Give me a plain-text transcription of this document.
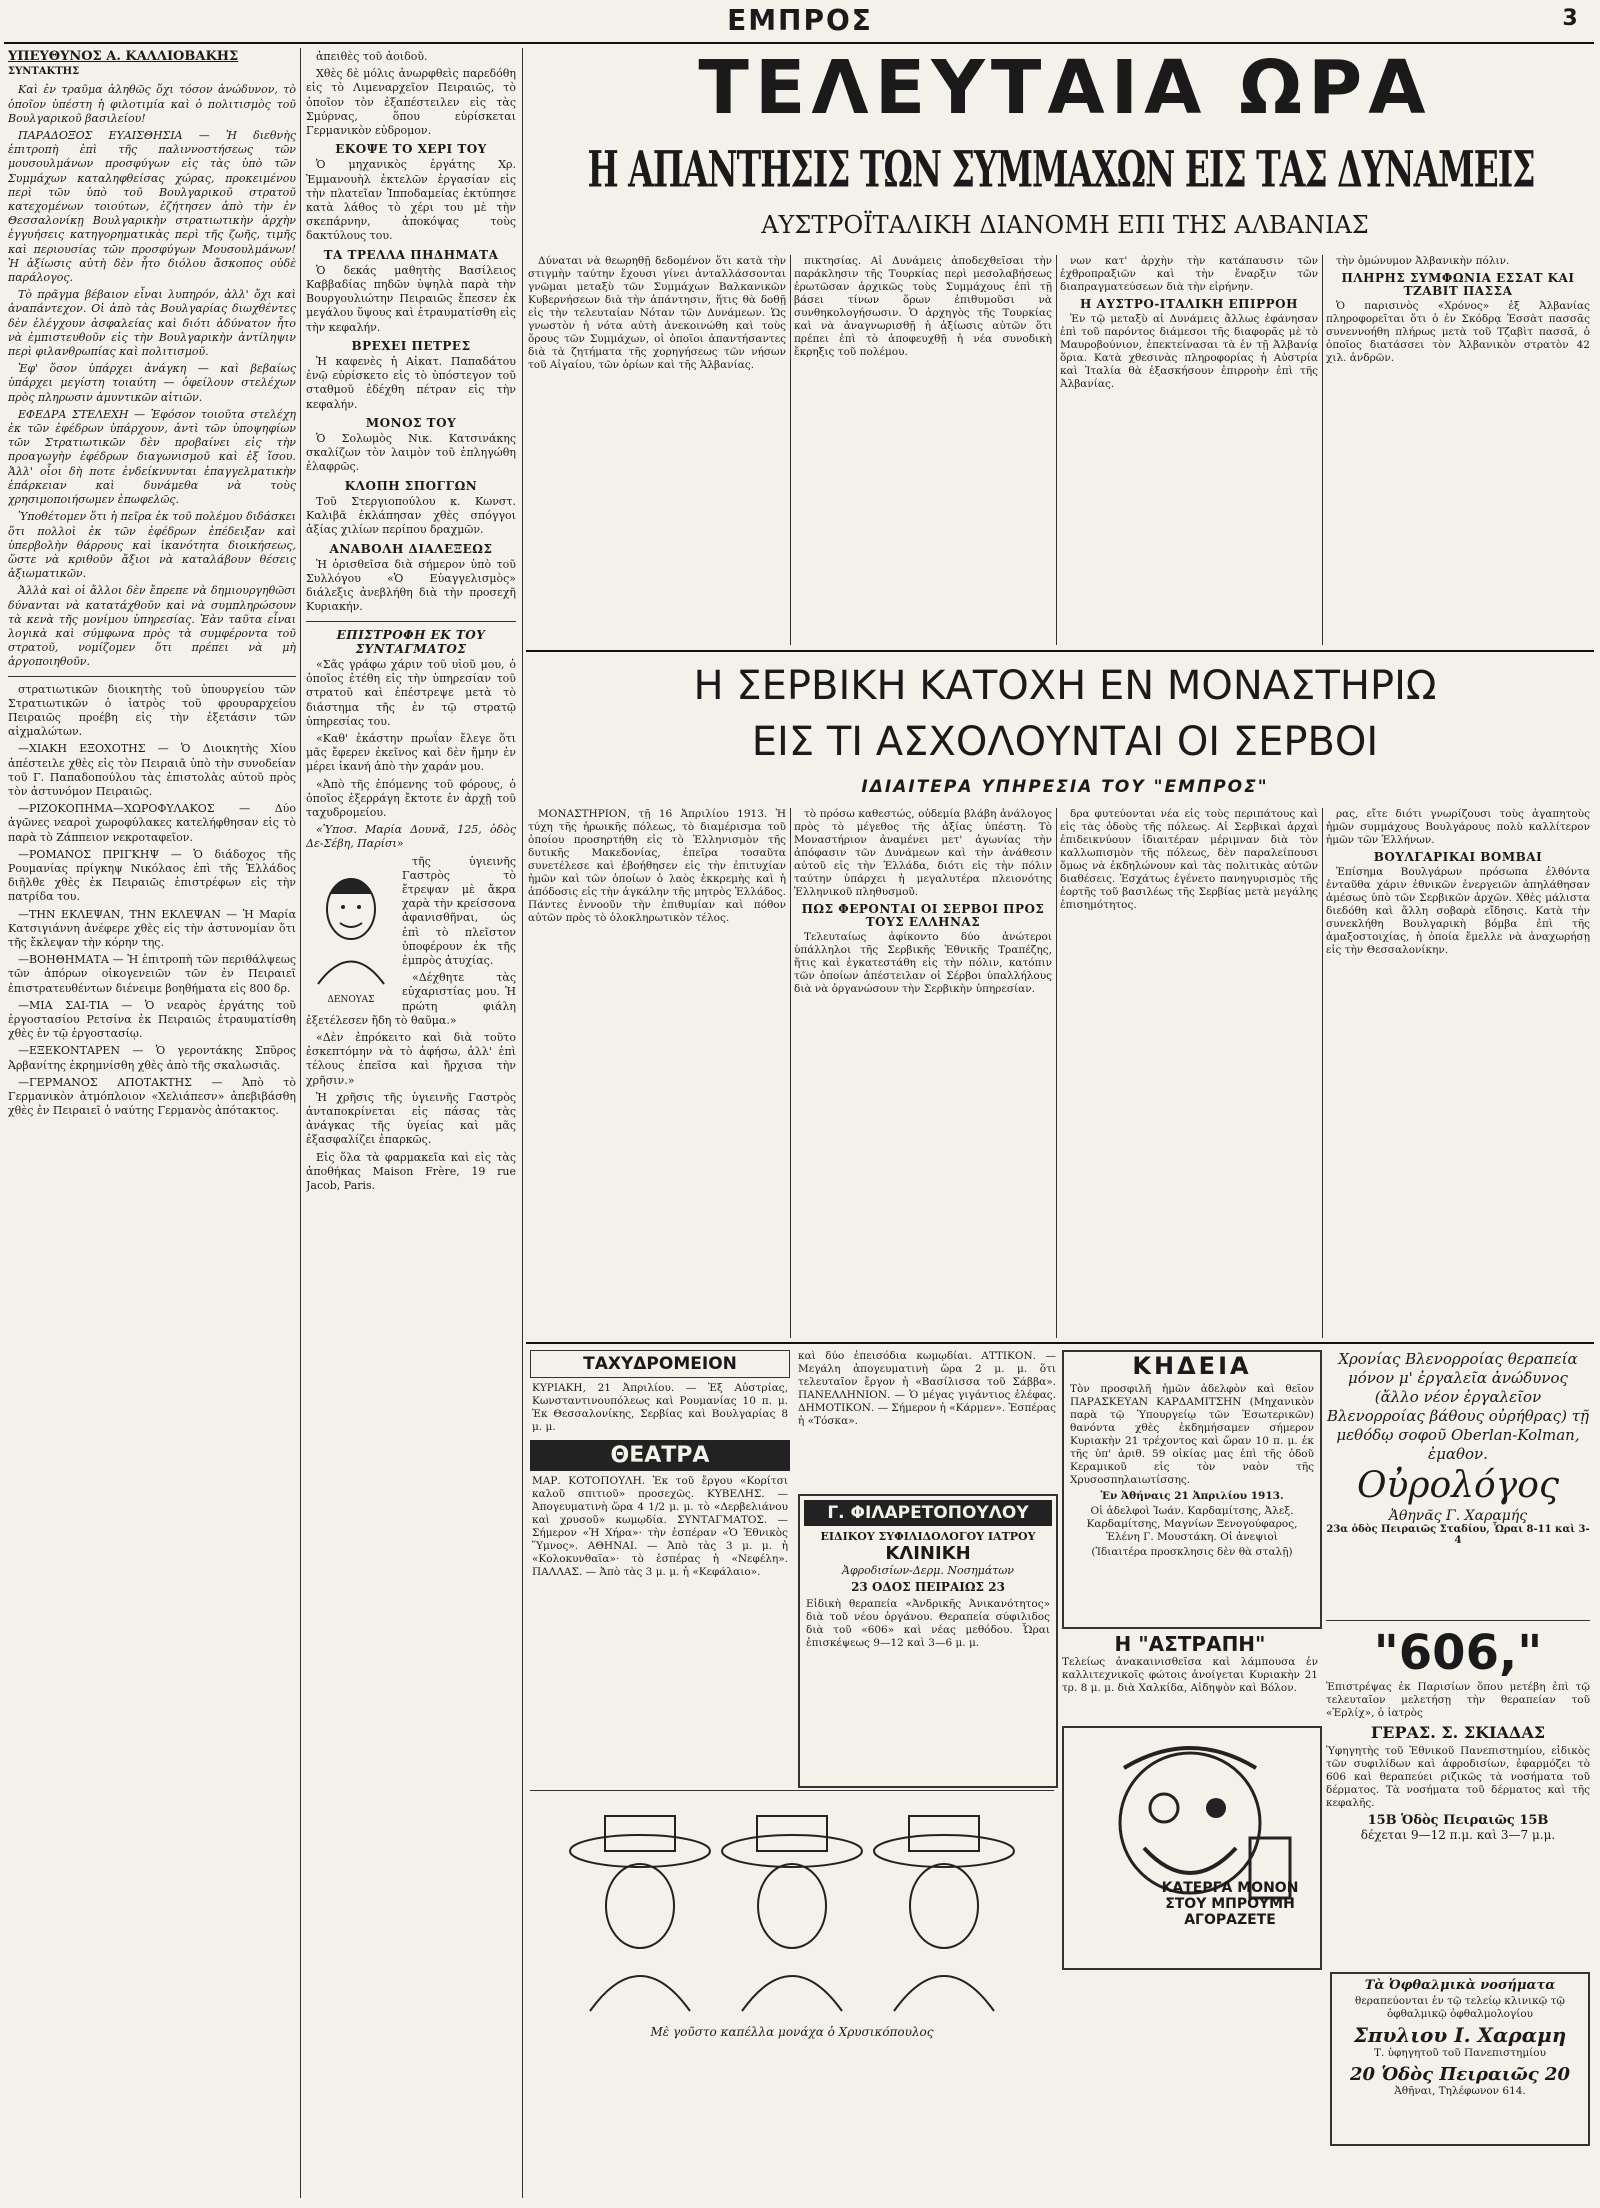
ΕΜΠΡΟΣ	3
ΥΠΕΥΘΥΝΟΣ Α. ΚΑΛΛΙΟΒΑΚΗΣ
ΣΥΝΤΑΚΤΗΣ

Καὶ ἐν τραῦμα ἀληθῶς ὅχι τόσον ἀνώδυνον, τὸ ὁποῖον ὑπέστη ἡ φιλοτιμία καὶ ὁ πολιτισμὸς τοῦ Βουλγαρικοῦ βασιλείου!

ΠΑΡΑΔΟΞΟΣ ΕΥΑΙΣΘΗΣΙΑ — Ἡ διεθνὴς ἐπιτροπὴ ἐπὶ τῆς παλιννοστήσεως τῶν μουσουλμάνων προσφύγων εἰς τὰς ὑπὸ τῶν Συμμάχων καταληφθείσας χώρας, προκειμένου περὶ τῶν ὑπὸ τοῦ Βουλγαρικοῦ στρατοῦ κατεχομένων τοιούτων, ἐζήτησεν ἀπὸ τὴν ἐν Θεσσαλονίκῃ Βουλγαρικὴν στρατιωτικὴν ἀρχὴν ἐγγυήσεις κατηγορηματικὰς περὶ τῆς ζωῆς, τιμῆς καὶ περιουσίας τῶν προσφύγων Μουσουλμάνων! Ἡ ἀξίωσις αὐτὴ δὲν ἦτο διόλου ἄσκοπος οὐδὲ παράλογος.

Τὸ πρᾶγμα βέβαιον εἶναι λυπηρόν, ἀλλ' ὄχι καὶ ἀναπάντεχον. Οἱ ἀπὸ τὰς Βουλγαρίας διωχθέντες δὲν ἐλέγχουν ἀσφαλείας καὶ διότι ἀδύνατον ἦτο νὰ ἐμπιστευθοῦν εἰς τὴν Βουλγαρικὴν ἀντίληψιν περὶ φιλανθρωπίας καὶ πολιτισμοῦ.

Ἐφ' ὅσον ὑπάρχει ἀνάγκη — καὶ βεβαίως ὑπάρχει μεγίστη τοιαύτη — ὀφείλουν στελέχων πρὸς πληρωσιν ἀμυντικῶν αἰτιῶν.

ΕΦΕΔΡΑ ΣΤΕΛΕΧΗ — Ἐφόσον τοιοῦτα στελέχη ἐκ τῶν ἐφέδρων ὑπάρχουν, ἀντὶ τῶν ὑποψηφίων τῶν Στρατιωτικῶν δὲν προβαίνει εἰς τὴν προαγωγὴν ἐφέδρων διαγωνισμοῦ καὶ ἐξ ἴσου. Ἀλλ' οἷοι δὴ ποτε ἐνδείκνυνται ἐπαγγελματικὴν ἐπάρκειαν καὶ δυνάμεθα νὰ τοὺς χρησιμοποιήσωμεν ἐπωφελῶς.

Ὑποθέτομεν ὅτι ἡ πεῖρα ἐκ τοῦ πολέμου διδάσκει ὅτι πολλοὶ ἐκ τῶν ἐφέδρων ἐπέδειξαν καὶ ὑπερβολὴν θάρρους καὶ ἱκανότητα διοικήσεως, ὥστε νὰ κριθοῦν ἄξιοι νὰ καταλάβουν θέσεις ἀξιωματικῶν.

Ἀλλὰ καὶ οἱ ἄλλοι δὲν ἔπρεπε νὰ δημιουργηθῶσι δύνανται νὰ κατατάχθοῦν καὶ νὰ συμπληρώσουν τὰ κενὰ τῆς μονίμου ὑπηρεσίας. Ἐὰν ταῦτα εἶναι λογικὰ καὶ σύμφωνα πρὸς τὰ συμφέροντα τοῦ στρατοῦ, νομίζομεν ὅτι πρέπει νὰ μὴ ἀργοποιηθοῦν.

στρατιωτικῶν διοικητὴς τοῦ ὑπουργείου τῶν Στρατιωτικῶν ὁ ἰατρὸς τοῦ φρουραρχείου Πειραιῶς προέβη εἰς τὴν ἐξετάσιν τῶν αἰχμαλώτων.

—ΧΙΑΚΗ ΕΞΟΧΟΤΗΣ — Ὁ Διοικητὴς Χίου ἀπέστειλε χθὲς εἰς τὸν Πειραιᾶ ὑπὸ τὴν συνοδείαν τοῦ Γ. Παπαδοπούλου τὰς ἐπιστολὰς αὐτοῦ πρὸς τὸν ἀστυνόμον Πειραιῶς.

—ΡΙΖΟΚΟΠΗΜΑ—ΧΩΡΟΦΥΛΑΚΟΣ — Δύο ἀγῶνες νεαροὶ χωροφύλακες κατελήφθησαν εἰς τὸ παρὰ τὸ Ζάππειον νεκροταφεῖον.

—ΡΟΜΑΝΟΣ ΠΡΙΓΚΗΨ — Ὁ διάδοχος τῆς Ρουμανίας πρίγκηψ Νικόλαος ἐπὶ τῆς Ἑλλάδος διῆλθε χθὲς ἐκ Πειραιῶς ἐπιστρέφων εἰς τὴν πατρίδα του.

—ΤΗΝ ΕΚΛΕΨΑΝ, ΤΗΝ ΕΚΛΕΨΑΝ — Ἡ Μαρία Κατσιγιάννη ἀνέφερε χθὲς εἰς τὴν ἀστυνομίαν ὅτι τῆς ἔκλεψαν τὴν κόρην της.

—ΒΟΗΘΗΜΑΤΑ — Ἡ ἐπιτροπὴ τῶν περιθάλψεως τῶν ἀπόρων οἰκογενειῶν τῶν ἐν Πειραιεῖ ἐπιστρατευθέντων διένειμε βοηθήματα εἰς 800 δρ.

—ΜΙΑ ΣΑΙ-ΤΙΑ — Ὁ νεαρὸς ἐργάτης τοῦ ἐργοστασίου Ρετσίνα ἐκ Πειραιῶς ἐτραυματίσθη χθὲς ἐν τῷ ἐργοστασίῳ.

—ΕΞΕΚΟΝΤΑΡΕΝ — Ὁ γεροντάκης Σπῦρος Ἀρβανίτης ἐκρημνίσθη χθὲς ἀπὸ τῆς σκαλωσιᾶς.

—ΓΕΡΜΑΝΟΣ ΑΠΟΤΑΚΤΗΣ — Ἀπὸ τὸ Γερμανικὸν ἀτμόπλοιον «Χελιάπεσν» ἀπεβιβάσθη χθὲς ἐν Πειραιεῖ ὁ ναύτης Γερμανὸς ἀπότακτος.

ἀπειθὲς τοῦ ἀοιδοῦ.

Χθὲς δὲ μόλις ἀνωρφθεὶς παρεδόθη εἰς τὸ Λιμεναρχεῖον Πειραιῶς, τὸ ὁποῖον τὸν ἐξαπέστειλεν εἰς τὰς Σμύρνας, ὅπου εὑρίσκεται Γερμανικὸν εὐδρομον.

ΕΚΟΨΕ ΤΟ ΧΕΡΙ ΤΟΥ

Ὁ μηχανικὸς ἐργάτης Χρ. Ἐμμανουὴλ ἐκτελῶν ἐργασίαν εἰς τὴν πλατεῖαν Ἱπποδαμείας ἐκτύπησε κατὰ λάθος τὸ χέρι του μὲ τὴν σκεπάρνην, ἀποκόψας τοὺς δακτύλους του.

ΤΑ ΤΡΕΛΛΑ ΠΗΔΗΜΑΤΑ

Ὁ δεκάς μαθητὴς Βασίλειος Καββαδίας πηδῶν ὑψηλὰ παρὰ τὴν Βουργουλιώτην Πειραιῶς ἔπεσεν ἐκ μεγάλου ὕψους καὶ ἐτραυματίσθη εἰς τὴν κεφαλήν.

ΒΡΕΧΕΙ ΠΕΤΡΕΣ

Ἡ καφενὲς ἡ Αἰκατ. Παπαδάτου ἐνῷ εὑρίσκετο εἰς τὸ ὑπόστεγον τοῦ σταθμοῦ ἐδέχθη πέτραν εἰς τὴν κεφαλήν.

ΜΟΝΟΣ ΤΟΥ

Ὁ Σολωμὸς Νικ. Κατσινάκης σκαλίζων τὸν λαιμὸν τοῦ ἐπληγώθη ἐλαφρῶς.

ΚΛΟΠΗ ΣΠΟΓΓΩΝ

Τοῦ Στεργιοπούλου κ. Κωνστ. Καλιβᾶ ἐκλάπησαν χθὲς σπόγγοι ἀξίας χιλίων περίπου δραχμῶν.

ΑΝΑΒΟΛΗ ΔΙΑΛΕΞΕΩΣ

Ἡ ὁρισθεῖσα διὰ σήμερον ὑπὸ τοῦ Συλλόγου «Ὁ Εὐαγγελισμὸς» διάλεξις ἀνεβλήθη διὰ τὴν προσεχῆ Κυριακήν.

ΕΠΙΣΤΡΟΦΗ ΕΚ ΤΟΥ ΣΥΝΤΑΓΜΑΤΟΣ

«Σᾶς γράφω χάριν τοῦ υἱοῦ μου, ὁ ὁποῖος ἐτέθη εἰς τὴν ὑπηρεσίαν τοῦ στρατοῦ καὶ ἐπέστρεψε μετὰ τὸ διάστημα τῆς ἐν τῷ στρατῷ ὑπηρεσίας του.

«Καθ' ἑκάστην πρωΐαν ἔλεγε ὅτι μᾶς ἔφερεν ἐκεῖνος καὶ δὲν ἤμην ἐν μέρει ἰκανή ἀπὸ τὴν χαράν μου.

«Ἀπὸ τῆς ἐπόμενης τοῦ φόρους, ὁ ὁποῖος ἐξερράγη ἔκτοτε ἐν ἀρχῇ τοῦ ταχυδρομείου.

«Ὑποσ. Μαρία Δουνᾶ, 125, ὁδὸς Δε-Σέβη, Παρίσι»

ΔΕΝΟΥΑΣ

τῆς ὑγιεινῆς Γαστρὸς τὸ ἔτρεψαν μὲ ἄκρα χαρὰ τὴν κρείσσονα ἀφανισθῆναι, ὡς ἐπὶ τὸ πλεῖστον ὑποφέρουν ἐκ τῆς ἐμπρὸς ἀτυχίας.

«Δέχθητε τὰς εὐχαριστίας μου. Ἡ πρώτη φιάλη ἐξετέλεσεν ἤδη τὸ θαῦμα.»

«Δὲν ἐπρόκειτο καὶ διὰ τοῦτο ἐσκεπτόμην νὰ τὸ ἀφήσω, ἀλλ' ἐπὶ τέλους ἐπεῖσα καὶ ἤρχισα τὴν χρῆσιν.»

Ἡ χρῆσις τῆς ὑγιεινῆς Γαστρὸς ἀνταποκρίνεται εἰς πάσας τὰς ἀνάγκας τῆς ὑγείας καὶ μᾶς ἐξασφαλίζει ἐπαρκῶς.

Εἰς ὅλα τὰ φαρμακεῖα καὶ εἰς τὰς ἀποθήκας Maison Frère, 19 rue Jacob, Paris.

ΤΕΛΕΥΤΑΙΑ ΩΡΑ
Η ΑΠΑΝΤΗΣΙΣ ΤΩΝ ΣΥΜΜΑΧΩΝ ΕΙΣ ΤΑΣ ΔΥΝΑΜΕΙΣ
ΑΥΣΤΡΟΪΤΑΛΙΚΗ ΔΙΑΝΟΜΗ ΕΠΙ ΤΗΣ ΑΛΒΑΝΙΑΣ

Δύναται νὰ θεωρηθῇ δεδομένον ὅτι κατὰ τὴν στιγμὴν ταύτην ἔχουσι γίνει ἀνταλλάσσονται γνῶμαι μεταξὺ τῶν Συμμάχων Βαλκανικῶν Κυβερνήσεων διὰ τὴν ἀπάντησιν, ἥτις θὰ δοθῇ εἰς τὴν τελευταίαν Νόταν τῶν Δυνάμεων. Ὡς γνωστὸν ἡ νότα αὐτὴ ἀνεκοινώθη καὶ τοὺς ὅρους τῶν Συμμάχων, οἱ ὁποῖοι ἀπαντήσαντες διὰ τὰ ζητήματα τῆς χορηγήσεως τῶν νήσων τοῦ Αἰγαίου, τῶν ὁρίων καὶ τῆς Ἀλβανίας.

πικτησίας. Αἱ Δυνάμεις ἀποδεχθεῖσαι τὴν παράκλησιν τῆς Τουρκίας περὶ μεσολαβήσεως ἐρωτῶσαν ἀρχικῶς τοὺς Συμμάχους ἐπὶ τῇ βάσει τίνων ὅρων ἐπιθυμοῦσι νὰ συνθηκολογήσωσιν. Ὁ ἀρχηγὸς τῆς Τουρκίας καὶ νὰ ἀναγνωρισθῇ ἡ ἀξίωσις αὐτῶν ὅτι πρέπει ἐπὶ τὸ ἀποφευχθῇ ἡ νέα συνοδικὴ ἔκρηξις τοῦ πολέμου.

νων κατ' ἀρχὴν τὴν κατάπαυσιν τῶν ἐχθροπραξιῶν καὶ τὴν ἔναρξιν τῶν διαπραγματεύσεων διὰ τὴν εἰρήνην.

Η ΑΥΣΤΡΟ-ΙΤΑΛΙΚΗ ΕΠΙΡΡΟΗ

Ἐν τῷ μεταξὺ αἱ Δυνάμεις ἄλλως ἐφάνησαν ἐπὶ τοῦ παρόντος διάμεσοι τῆς διαφορᾶς μὲ τὸ Μαυροβούνιον, ἐπεκτείνασαι τὰ ἐν τῇ Ἀλβανίᾳ ὅρια. Κατὰ χθεσινὰς πληροφορίας ἡ Αὐστρία καὶ Ἰταλία θὰ ἐξασκήσουν ἐπιρροὴν ἐπὶ τῆς Ἀλβανίας.

τὴν ὁμώνυμον Ἀλβανικὴν πόλιν.

ΠΛΗΡΗΣ ΣΥΜΦΩΝΙΑ ΕΣΣΑΤ ΚΑΙ ΤΖΑΒΙΤ ΠΑΣΣΑ

Ὁ παρισινὸς «Χρόνος» ἐξ Ἀλβανίας πληροφορεῖται ὅτι ὁ ἐν Σκόδρᾳ Ἐσσὰτ πασσᾶς συνεννοήθη πλήρως μετὰ τοῦ Τζαβὶτ πασσᾶ, ὁ ὁποῖος διατάσσει τὸν Ἀλβανικὸν στρατὸν 42 χιλ. ἀνδρῶν.

Η ΣΕΡΒΙΚΗ ΚΑΤΟΧΗ ΕΝ ΜΟΝΑΣΤΗΡΙΩ
ΕΙΣ ΤΙ ΑΣΧΟΛΟΥΝΤΑΙ ΟΙ ΣΕΡΒΟΙ
ΙΔΙΑΙΤΕΡΑ ΥΠΗΡΕΣΙΑ ΤΟΥ "ΕΜΠΡΟΣ"

ΜΟΝΑΣΤΗΡΙΟΝ, τῇ 16 Ἀπριλίου 1913. Ἡ τύχη τῆς ἡρωικῆς πόλεως, τὸ διαμέρισμα τοῦ ὁποίου προσηρτήθη εἰς τὸ Ἑλληνισμὸν τῆς δυτικῆς Μακεδονίας, ἐπεῖρα τοσαῦτα συνετέλεσε καὶ ἐβοήθησεν εἰς τὴν ἐπιτυχίαν ἡμῶν καὶ τῶν ὁποίων ὁ λαὸς ἐκκρεμὴς καὶ ἡ ἀπόδοσις εἰς τὴν ἀγκάλην τῆς μητρὸς Ἑλλάδος. Πάντες ἐννοοῦν τὴν ἐπιθυμίαν καὶ πόθον αὐτῶν πρὸς τὸ ὁλοκληρωτικὸν τέλος.

τὸ πρόσω καθεστώς, οὐδεμία βλάβη ἀνάλογος πρὸς τὸ μέγεθος τῆς ἀξίας ὑπέστη. Τὸ Μοναστήριον ἀναμένει μετ' ἀγωνίας τὴν ἀπόφασιν τῶν Δυνάμεων καὶ τὴν ἀνάθεσιν αὐτοῦ εἰς τὴν Ἑλλάδα, διότι εἰς τὴν πόλιν ταύτην ὑπάρχει ἡ μεγαλυτέρα πλειονότης Ἑλληνικοῦ πληθυσμοῦ.

ΠΩΣ ΦΕΡΟΝΤΑΙ ΟΙ ΣΕΡΒΟΙ ΠΡΟΣ ΤΟΥΣ ΕΛΛΗΝΑΣ

Τελευταίως ἀφίκοντο δύο ἀνώτεροι ὑπάλληλοι τῆς Σερβικῆς Ἐθνικῆς Τραπέζης, ἥτις καὶ ἐγκατεστάθη εἰς τὴν πόλιν, κατόπιν τῶν ὁποίων ἀπέστειλαν οἱ Σέρβοι ὑπαλλήλους διὰ νὰ ὀργανώσουν τὴν Σερβικὴν ὑπηρεσίαν.

δρα φυτεύονται νέα εἰς τοὺς περιπάτους καὶ εἰς τὰς ὁδοὺς τῆς πόλεως. Αἱ Σερβικαὶ ἀρχαὶ ἐπιδεικνύουν ἰδιαιτέραν μέριμναν διὰ τὸν καλλωπισμὸν τῆς πόλεως, δὲν παραλείπουσι ὅμως νὰ ἐκδηλώνουν καὶ τὰς πολιτικὰς αὐτῶν διαθέσεις. Ἐσχάτως ἐγένετο πανηγυρισμὸς τῆς ἑορτῆς τοῦ βασιλέως τῆς Σερβίας μετὰ μεγάλης ἐπισημότητος.

ρας, εἴτε διότι γνωρίζουσι τοὺς ἀγαπητοὺς ἡμῶν συμμάχους Βουλγάρους πολὺ καλλίτερον ἡμῶν τῶν Ἑλλήνων.

ΒΟΥΛΓΑΡΙΚΑΙ ΒΟΜΒΑΙ

Ἐπίσημα Βουλγάρων πρόσωπα ἐλθόντα ἐνταῦθα χάριν ἐθνικῶν ἐνεργειῶν ἀπηλάθησαν ἀμέσως ὑπὸ τῶν Σερβικῶν ἀρχῶν. Χθὲς μάλιστα διεδόθη καὶ ἄλλη σοβαρὰ εἴδησις. Κατὰ τὴν συνεκλήθη Βουλγαρικὴ βόμβα ἐπὶ τῆς ἀμαξοστοιχίας, ἡ ὁποία ἔμελλε νὰ ἀναχωρήσῃ εἰς τὴν Θεσσαλονίκην.

ΤΑΧΥΔΡΟΜΕΙΟΝ
ΚΥΡΙΑΚΗ, 21 Ἀπριλίου. — Ἐξ Αὐστρίας, Κωνσταντινουπόλεως καὶ Ρουμανίας 10 π. μ. Ἐκ Θεσσαλονίκης, Σερβίας καὶ Βουλγαρίας 8 μ. μ.
ΘΕΑΤΡΑ
ΜΑΡ. ΚΟΤΟΠΟΥΛΗ. Ἐκ τοῦ ἔργου «Κορίτσι καλοῦ σπιτιοῦ» προσεχῶς. ΚΥΒΕΛΗΣ. — Ἀπογευματινὴ ὥρα 4 1/2 μ. μ. τὸ «Δερβελιάνου καὶ χρυσοῦ» κωμῳδία. ΣΥΝΤΑΓΜΑΤΟΣ. — Σήμερον «Ἡ Χήρα»· τὴν ἑσπέραν «Ὁ Ἐθνικὸς Ὕμνος». ΑΘΗΝΑΙ. — Ἀπὸ τὰς 3 μ. μ. ἡ «Κολοκυνθαῖα»· τὸ ἑσπέρας ἡ «Νεφέλη». ΠΑΛΛΑΣ. — Ἀπὸ τὰς 3 μ. μ. ἡ «Κεφάλαιο».
καὶ δύο ἐπεισόδια κωμῳδίαι. ΑΤΤΙΚΟΝ. — Μεγάλη ἀπογευματινὴ ὥρα 2 μ. μ. ὅτι τελευταῖον ἔργον ἡ «Βασίλισσα τοῦ Σάββα». ΠΑΝΕΛΛΗΝΙΟΝ. — Ὁ μέγας γιγάντιος ἐλέφας. ΔΗΜΟΤΙΚΟΝ. — Σήμερον ἡ «Κάρμεν». Ἑσπέρας ἡ «Τόσκα».
Γ. ΦΙΛΑΡΕΤΟΠΟΥΛΟΥ
ΕΙΔΙΚΟΥ ΣΥΦΙΛΙΔΟΛΟΓΟΥ ΙΑΤΡΟΥ
ΚΛΙΝΙΚΗ
Ἀφροδισίων-Δερμ. Νοσημάτων
23 ΟΔΟΣ ΠΕΙΡΑΙΩΣ 23
Εἰδικὴ θεραπεία «Ἀνδρικῆς Ἀνικανότητος» διὰ τοῦ νέου ὀργάνου. Θεραπεία σύφιλιδος διὰ τοῦ «606» καὶ νέας μεθόδου. Ὧραι ἐπισκέψεως 9—12 καὶ 3—6 μ. μ.
ΚΗΔΕΙΑ
Τὸν προσφιλῆ ἡμῶν ἀδελφὸν καὶ θεῖον ΠΑΡΑΣΚΕΥΑΝ ΚΑΡΔΑΜΙΤΣΗΝ (Μηχανικὸν παρὰ τῷ Ὑπουργείῳ τῶν Ἐσωτερικῶν) θανόντα χθὲς ἐκδημήσαμεν σήμερον Κυριακὴν 21 τρέχοντος καὶ ὥραν 10 π. μ. ἐκ τῆς ὑπ' ἀριθ. 59 οἰκίας μας ἐπὶ τῆς ὁδοῦ Κεραμικοῦ εἰς τὸν ναὸν τῆς Χρυσοσπηλαιωτίσσης.
Ἐν Ἀθήναις 21 Ἀπριλίου 1913.
Οἱ ἀδελφοὶ Ἰωάν. Καρδαμίτσης, Ἀλεξ. Καρδαμίτσης, Μαγνίων Ξενογούφαρος, Ἑλένη Γ. Μουστάκη. Οἱ ἀνεψιοὶ
(Ἰδιαιτέρα προσκλησις δὲν θὰ σταλῇ)
Η "ΑΣΤΡΑΠΗ"
Τελείως ἀνακαινισθεῖσα καὶ λάμπουσα ἐν καλλιτεχνικοῖς φώτοις ἀνοίγεται Κυριακὴν 21 τρ. 8 μ. μ. διὰ Χαλκίδα, Αἰδηψὸν καὶ Βόλον.
ΚΑΤΕΡΓΑ ΜΟΝΟΝ ΣΤΟΥ ΜΠΡΟΥΜΗ ΑΓΟΡΑΖΕΤΕ
Μὲ γοῦστο καπέλλα μονάχα ὁ Χρυσικόπουλος
Χρονίας Βλενορροίας θεραπεία μόνον μ' ἐργαλεῖα ἀνώδυνος (ἄλλο νέον ἐργαλεῖον Βλενορροίας βάθους οὐρήθρας) τῇ μεθόδῳ σοφοῦ Oberlan-Kolman, ἐμαθον.
Οὐρολόγος
Ἀθηνᾶς Γ. Χαραμής
23α ὁδὸς Πειραιῶς Σταδίου, Ὧραι 8-11 καὶ 3-4
"606,"
Ἐπιστρέψας ἐκ Παρισίων ὅπου μετέβη ἐπὶ τῷ τελευταῖον μελετήσῃ τὴν θεραπείαν τοῦ «Ἐρλίχ», ὁ ἰατρὸς
ΓΕΡΑΣ. Σ. ΣΚΙΑΔΑΣ
Ὑφηγητὴς τοῦ Ἐθνικοῦ Πανεπιστημίου, εἰδικὸς τῶν συφιλίδων καὶ ἀφροδισίων, ἐφαρμόζει τὸ 606 καὶ θεραπεύει ριζικῶς τὰ νοσήματα τοῦ δέρματος. Τὰ νοσήματα τοῦ δέρματος καὶ τῆς κεφαλῆς.
15Β Ὁδὸς Πειραιῶς 15Β
δέχεται 9—12 π.μ. καὶ 3—7 μ.μ.
Τὰ Ὀφθαλμικὰ νοσήματα
θεραπεύονται ἐν τῷ τελείῳ κλινικῷ τῷ ὀφθαλμικῷ ὀφθαλμολογίου
Σπυλιου Ι. Χαραμη
Τ. ὑφηγητοῦ τοῦ Πανεπιστημίου
20 Ὁδὸς Πειραιῶς 20
Ἀθῆναι, Τηλέφωνον 614.
